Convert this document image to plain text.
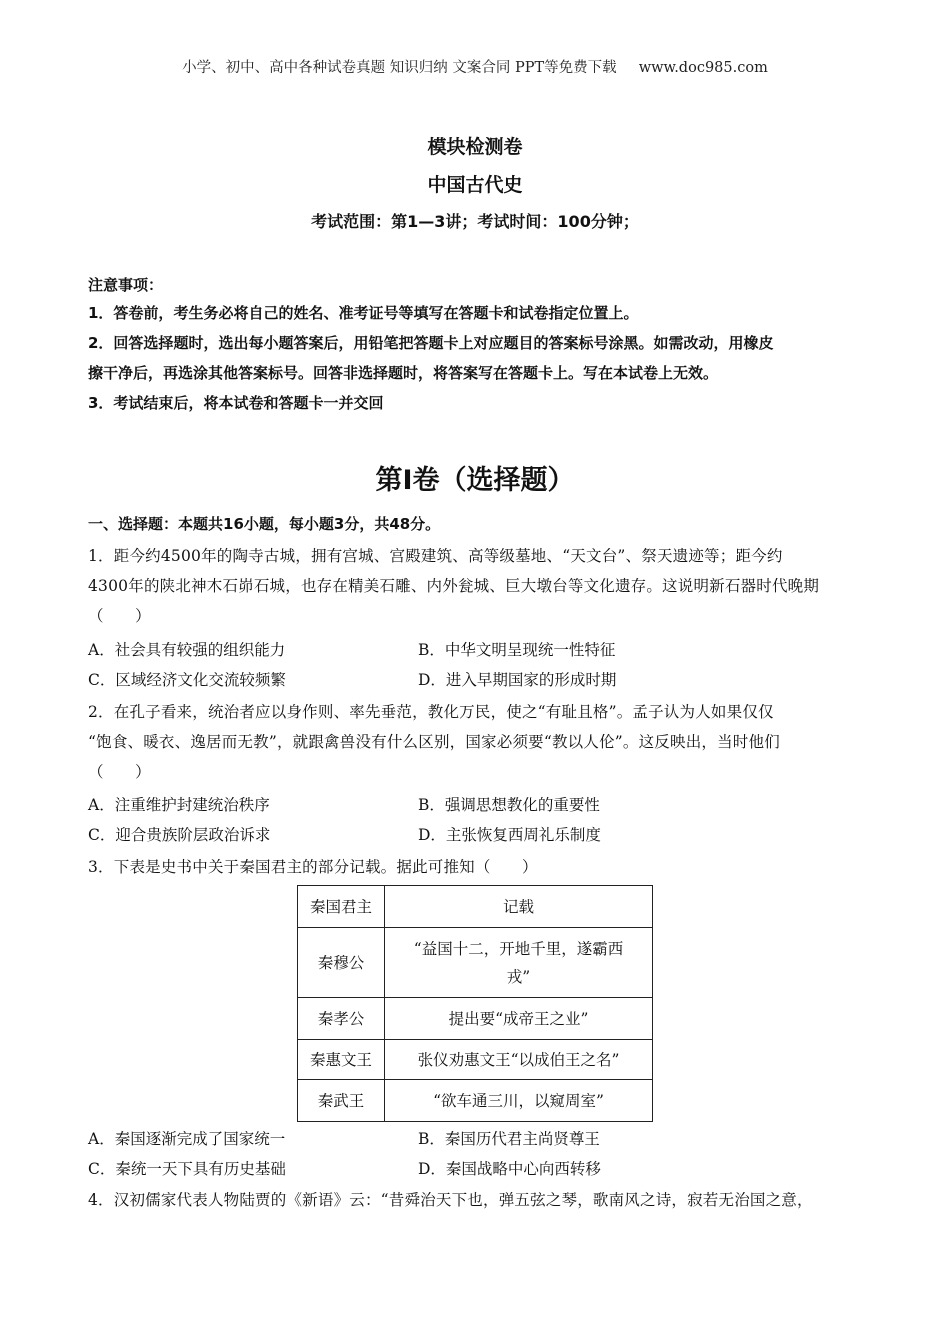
小学、初中、高中各种试卷真题 知识归纳 文案合同 PPT等免费下载 www.doc985.com
模块检测卷
中国古代史
考试范围：第1—3讲；考试时间：100分钟；
注意事项：
1．答卷前，考生务必将自己的姓名、准考证号等填写在答题卡和试卷指定位置上。
2．回答选择题时，选出每小题答案后，用铅笔把答题卡上对应题目的答案标号涂黑。如需改动，用橡皮
擦干净后，再选涂其他答案标号。回答非选择题时，将答案写在答题卡上。写在本试卷上无效。
3．考试结束后，将本试卷和答题卡一并交回
第I卷（选择题）
一、选择题：本题共16小题，每小题3分，共48分。
1．距今约4500年的陶寺古城，拥有宫城、宫殿建筑、高等级墓地、“天文台”、祭天遗迹等；距今约
4300年的陕北神木石峁石城，也存在精美石雕、内外瓮城、巨大墩台等文化遗存。这说明新石器时代晚期
（　　）
A．社会具有较强的组织能力	B．中华文明呈现统一性特征
C．区域经济文化交流较频繁	D．进入早期国家的形成时期
2．在孔子看来，统治者应以身作则、率先垂范，教化万民，使之“有耻且格”。孟子认为人如果仅仅
“饱食、暖衣、逸居而无教”，就跟禽兽没有什么区别，国家必须要“教以人伦”。这反映出，当时他们
（　　）
A．注重维护封建统治秩序	B．强调思想教化的重要性
C．迎合贵族阶层政治诉求	D．主张恢复西周礼乐制度
3．下表是史书中关于秦国君主的部分记载。据此可推知（　　）
秦国君主	记载
秦穆公	“益国十二，开地千里，遂霸西
戎”

秦孝公	提出要“成帝王之业”
秦惠文王	张仪劝惠文王“以成伯王之名”
秦武王	“欲车通三川，以窥周室”
A．秦国逐渐完成了国家统一	B．秦国历代君主尚贤尊王
C．秦统一天下具有历史基础	D．秦国战略中心向西转移
4．汉初儒家代表人物陆贾的《新语》云：“昔舜治天下也，弹五弦之琴，歌南风之诗，寂若无治国之意，
